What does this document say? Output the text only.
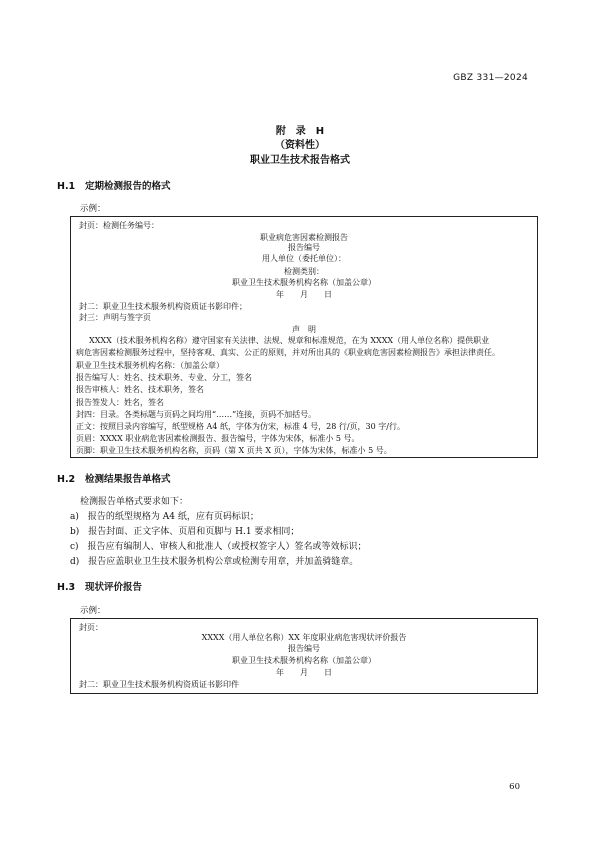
GBZ 331—2024
附　录　H
（资料性）
职业卫生技术报告格式
H.1 定期检测报告的格式
示例：
封页：检测任务编号：
职业病危害因素检测报告
报告编号
用人单位（委托单位）：
检测类别：
职业卫生技术服务机构名称（加盖公章）
年　　月　　日
封二：职业卫生技术服务机构资质证书影印件；
封三：声明与签字页
声　明
XXXX（技术服务机构名称）遵守国家有关法律、法规、规章和标准规范，在为 XXXX（用人单位名称）提供职业
病危害因素检测服务过程中，坚持客观、真实、公正的原则，并对所出具的《职业病危害因素检测报告》承担法律责任。
职业卫生技术服务机构名称：（加盖公章）
报告编写人：姓名、技术职务、专业、分工，签名
报告审核人：姓名、技术职务，签名
报告签发人：姓名，签名
封四：目录。各类标题与页码之间均用“……”连接，页码不加括号。
正文：按照目录内容编写，纸型规格 A4 纸，字体为仿宋，标准 4 号，28 行/页，30 字/行。
页眉：XXXX 职业病危害因素检测报告、报告编号，字体为宋体，标准小 5 号。
页脚：职业卫生技术服务机构名称，页码（第 X 页共 X 页），字体为宋体，标准小 5 号。
H.2 检测结果报告单格式
检测报告单格式要求如下：
a)　报告的纸型规格为 A4 纸，应有页码标识；
b)　报告封面、正文字体、页眉和页脚与 H.1 要求相同；
c)　报告应有编制人、审核人和批准人（或授权签字人）签名或等效标识；
d)　报告应盖职业卫生技术服务机构公章或检测专用章，并加盖骑缝章。
H.3 现状评价报告
示例：
封页：
XXXX（用人单位名称）XX 年度职业病危害现状评价报告
报告编号
职业卫生技术服务机构名称（加盖公章）
年　　月　　日
封二：职业卫生技术服务机构资质证书影印件
60
